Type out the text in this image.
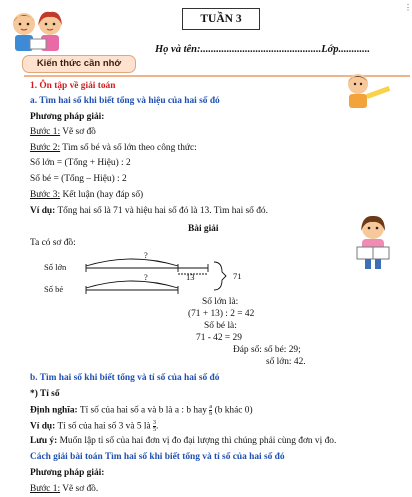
TUẦN 3
⋮
Họ và tên:..............................................Lớp............
Kiến thức cần nhớ
1. Ôn tập về giải toán
a. Tìm hai số khi biết tổng và hiệu của hai số đó
Phương pháp giải:
Bước 1: Vẽ sơ đồ
Bước 2: Tìm số bé và số lớn theo công thức:
Số lớn = (Tổng + Hiệu) : 2
Số bé = (Tổng – Hiệu) : 2
Bước 3: Kết luận (hay đáp số)
Ví dụ: Tổng hai số là 71 và hiệu hai số đó là 13. Tìm hai số đó.
Bài giải
Ta có sơ đồ:
Số lớn
Số bé
?
?	13	71
Số lớn là:
(71 + 13) : 2 = 42
Số bé là:
71 - 42 = 29
Đáp số: số bé: 29;
số lớn: 42.
b. Tìm hai số khi biết tổng và tỉ số của hai số đó
*) Tỉ số
Định nghĩa: Tỉ số của hai số a và b là a : b hay $\frac{a}{b} (b$ khác 0)
Ví dụ: Tỉ số của hai số 3 và 5 là $\frac{3}{5}$ .
Lưu ý: Muốn lập tỉ số của hai đơn vị đo đại lượng thì chúng phải cùng đơn vị đo.
Cách giải bài toán Tìm hai số khi biết tổng và tỉ số của hai số đó
Phương pháp giải:
Bước 1: Vẽ sơ đồ.
